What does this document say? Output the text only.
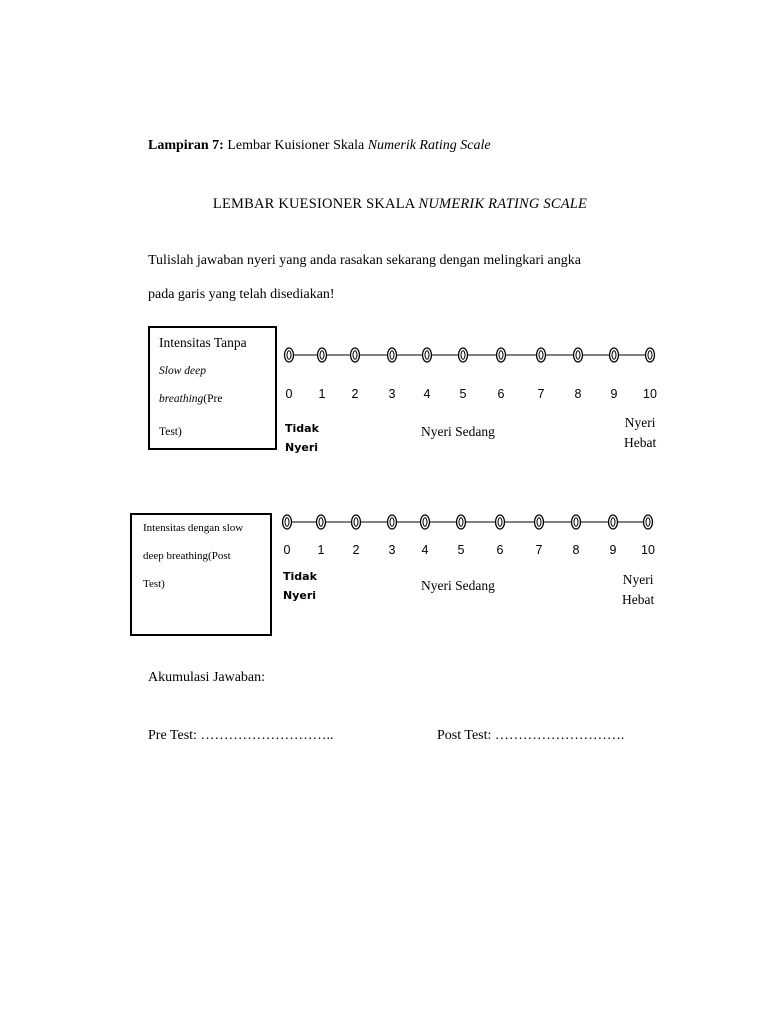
Lampiran 7: Lembar Kuisioner Skala Numerik Rating Scale
LEMBAR KUESIONER SKALA NUMERIK RATING SCALE
Tulislah jawaban nyeri yang anda rasakan sekarang dengan melingkari angka
pada garis yang telah disediakan!
Intensitas Tanpa
Slow deep
breathing(Pre
Test)
0 1 2 3 4 5 6	7 8 9 10
Tidak
Nyeri
Nyeri Sedang
Nyeri
Hebat
Intensitas dengan slow
deep breathing(Post
Test)
0 1 2 3 4 5	6	7 8 9 10
Tidak
Nyeri
Nyeri Sedang	Nyeri
Hebat
Akumulasi Jawaban:
Pre Test: ………………………..	Post Test: ……………………….
